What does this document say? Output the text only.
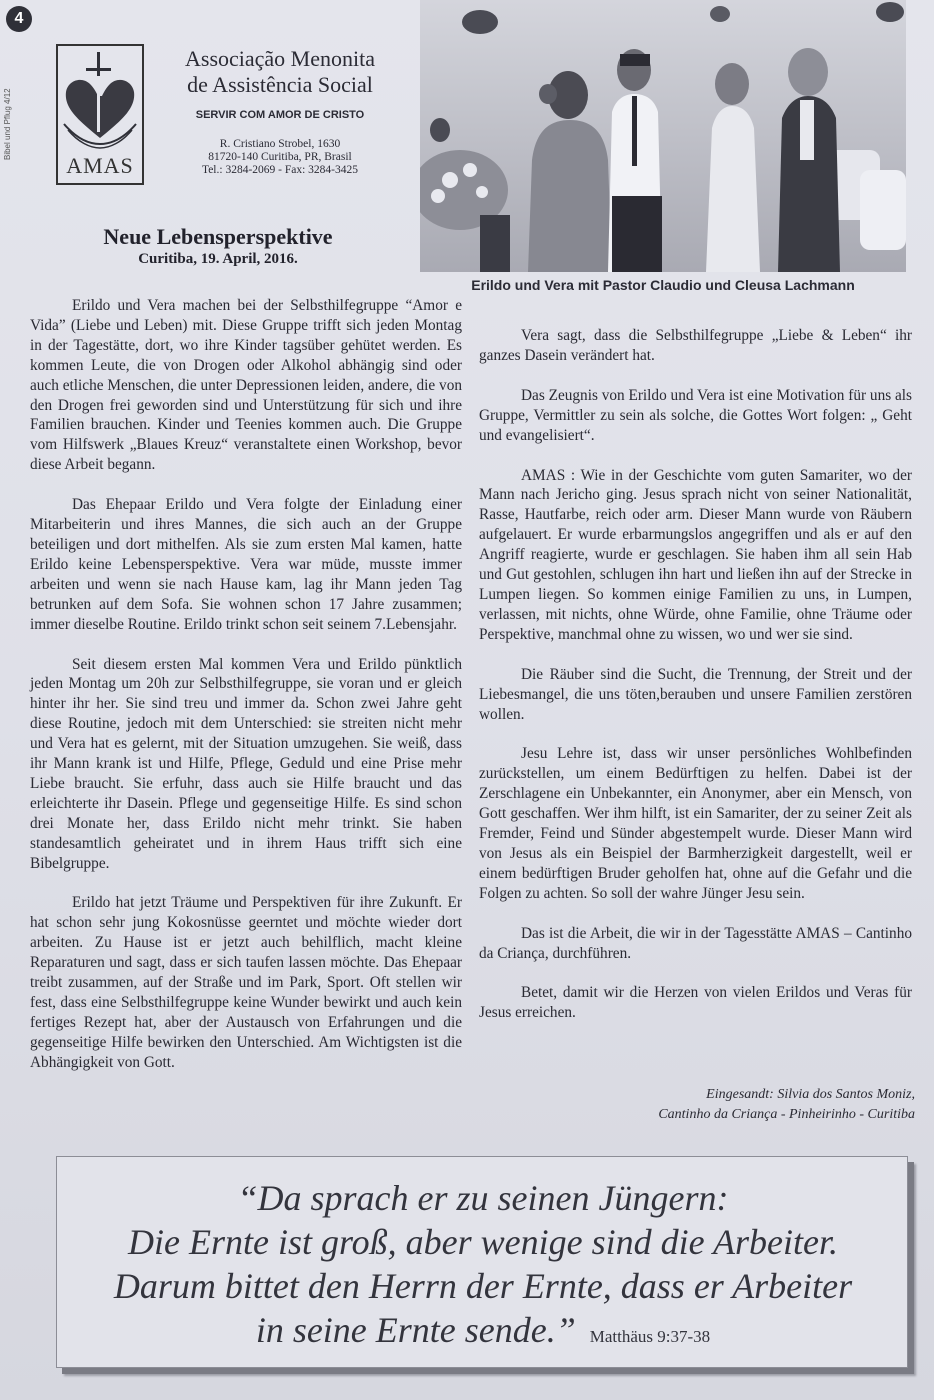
4
Bibel und Pflug 4/12
AMAS
Associação Menonita
de Assistência Social
SERVIR COM AMOR DE CRISTO
R. Cristiano Strobel, 1630
81720-140 Curitiba, PR, Brasil
Tel.: 3284-2069 - Fax: 3284-3425
Neue Lebensperspektive
Curitiba, 19. April, 2016.
Erildo und Vera mit Pastor Claudio und Cleusa Lachmann

Erildo und Vera machen bei der Selbsthilfegruppe “Amor e Vida” (Liebe und Leben) mit. Diese Gruppe trifft sich jeden Montag in der Tagestätte, dort, wo ihre Kinder tagsüber gehütet werden. Es kommen Leute, die von Drogen oder Alkohol abhängig sind oder auch etliche Menschen, die unter Depressionen leiden, andere, die von den Drogen frei geworden sind und Unterstützung für sich und ihre Familien brauchen. Kinder und Teenies kommen auch. Die Gruppe vom Hilfswerk „Blaues Kreuz“ veranstaltete einen Workshop, bevor diese Arbeit begann.

Das Ehepaar Erildo und Vera folgte der Einladung einer Mitarbeiterin und ihres Mannes, die sich auch an der Gruppe beteiligen und dort mithelfen. Als sie zum ersten Mal kamen, hatte Erildo keine Lebensperspektive. Vera war müde, musste immer arbeiten und wenn sie nach Hause kam, lag ihr Mann jeden Tag betrunken auf dem Sofa. Sie wohnen schon 17 Jahre zusammen; immer dieselbe Routine. Erildo trinkt schon seit seinem 7.Lebensjahr.

Seit diesem ersten Mal kommen Vera und Erildo pünktlich jeden Montag um 20h zur Selbsthilfegruppe, sie voran und er gleich hinter ihr her. Sie sind treu und immer da. Schon zwei Jahre geht diese Routine, jedoch mit dem Unterschied: sie streiten nicht mehr und Vera hat es gelernt, mit der Situation umzugehen. Sie weiß, dass ihr Mann krank ist und Hilfe, Pflege, Geduld und eine Prise mehr Liebe braucht. Sie erfuhr, dass auch sie Hilfe braucht und das erleichterte ihr Dasein. Pflege und gegenseitige Hilfe. Es sind schon drei Monate her, dass Erildo nicht mehr trinkt. Sie haben standesamtlich geheiratet und in ihrem Haus trifft sich eine Bibelgruppe.

Erildo hat jetzt Träume und Perspektiven für ihre Zukunft. Er hat schon sehr jung Kokosnüsse geerntet und möchte wieder dort arbeiten. Zu Hause ist er jetzt auch behilflich, macht kleine Reparaturen und sagt, dass er sich taufen lassen möchte. Das Ehepaar treibt zusammen, auf der Straße und im Park, Sport. Oft stellen wir fest, dass eine Selbsthilfegruppe keine Wunder bewirkt und auch kein fertiges Rezept hat, aber der Austausch von Erfahrungen und die gegenseitige Hilfe bewirken den Unterschied. Am Wichtigsten ist die Abhängigkeit von Gott.

Vera sagt, dass die Selbsthilfegruppe „Liebe & Leben“ ihr ganzes Dasein verändert hat.

Das Zeugnis von Erildo und Vera ist eine Motivation für uns als Gruppe, Vermittler zu sein als solche, die Gottes Wort folgen: „ Geht und evangelisiert“.

AMAS : Wie in der Geschichte vom guten Samariter, wo der Mann nach Jericho ging. Jesus sprach nicht von seiner Nationalität, Rasse, Hautfarbe, reich oder arm. Dieser Mann wurde von Räubern aufgelauert. Er wurde erbarmungslos angegriffen und als er auf den Angriff reagierte, wurde er geschlagen. Sie haben ihm all sein Hab und Gut gestohlen, schlugen ihn hart und ließen ihn auf der Strecke in Lumpen liegen. So kommen einige Familien zu uns, in Lumpen, verlassen, mit nichts, ohne Würde, ohne Familie, ohne Träume oder Perspektive, manchmal ohne zu wissen, wo und wer sie sind.

Die Räuber sind die Sucht, die Trennung, der Streit und der Liebesmangel, die uns töten,berauben und unsere Familien zerstören wollen.

Jesu Lehre ist, dass wir unser persönliches Wohlbefinden zurückstellen, um einem Bedürftigen zu helfen. Dabei ist der Zerschlagene ein Unbekannter, ein Anonymer, aber ein Mensch, von Gott geschaffen. Wer ihm hilft, ist ein Samariter, der zu seiner Zeit als Fremder, Feind und Sünder abgestempelt wurde. Dieser Mann wird von Jesus als ein Beispiel der Barmherzigkeit dargestellt, weil er einem bedürftigen Bruder geholfen hat, ohne auf die Gefahr und die Folgen zu achten. So soll der wahre Jünger Jesu sein.

Das ist die Arbeit, die wir in der Tagesstätte AMAS – Cantinho da Criança, durchführen.

Betet, damit wir die Herzen von vielen Erildos und Veras für Jesus erreichen.

Eingesandt: Silvia dos Santos Moniz,
Cantinho da Criança - Pinheirinho - Curitiba
“Da sprach er zu seinen Jüngern:
Die Ernte ist groß, aber wenige sind die Arbeiter.
Darum bittet den Herrn der Ernte, dass er Arbeiter
in seine Ernte sende.” Matthäus 9:37-38
